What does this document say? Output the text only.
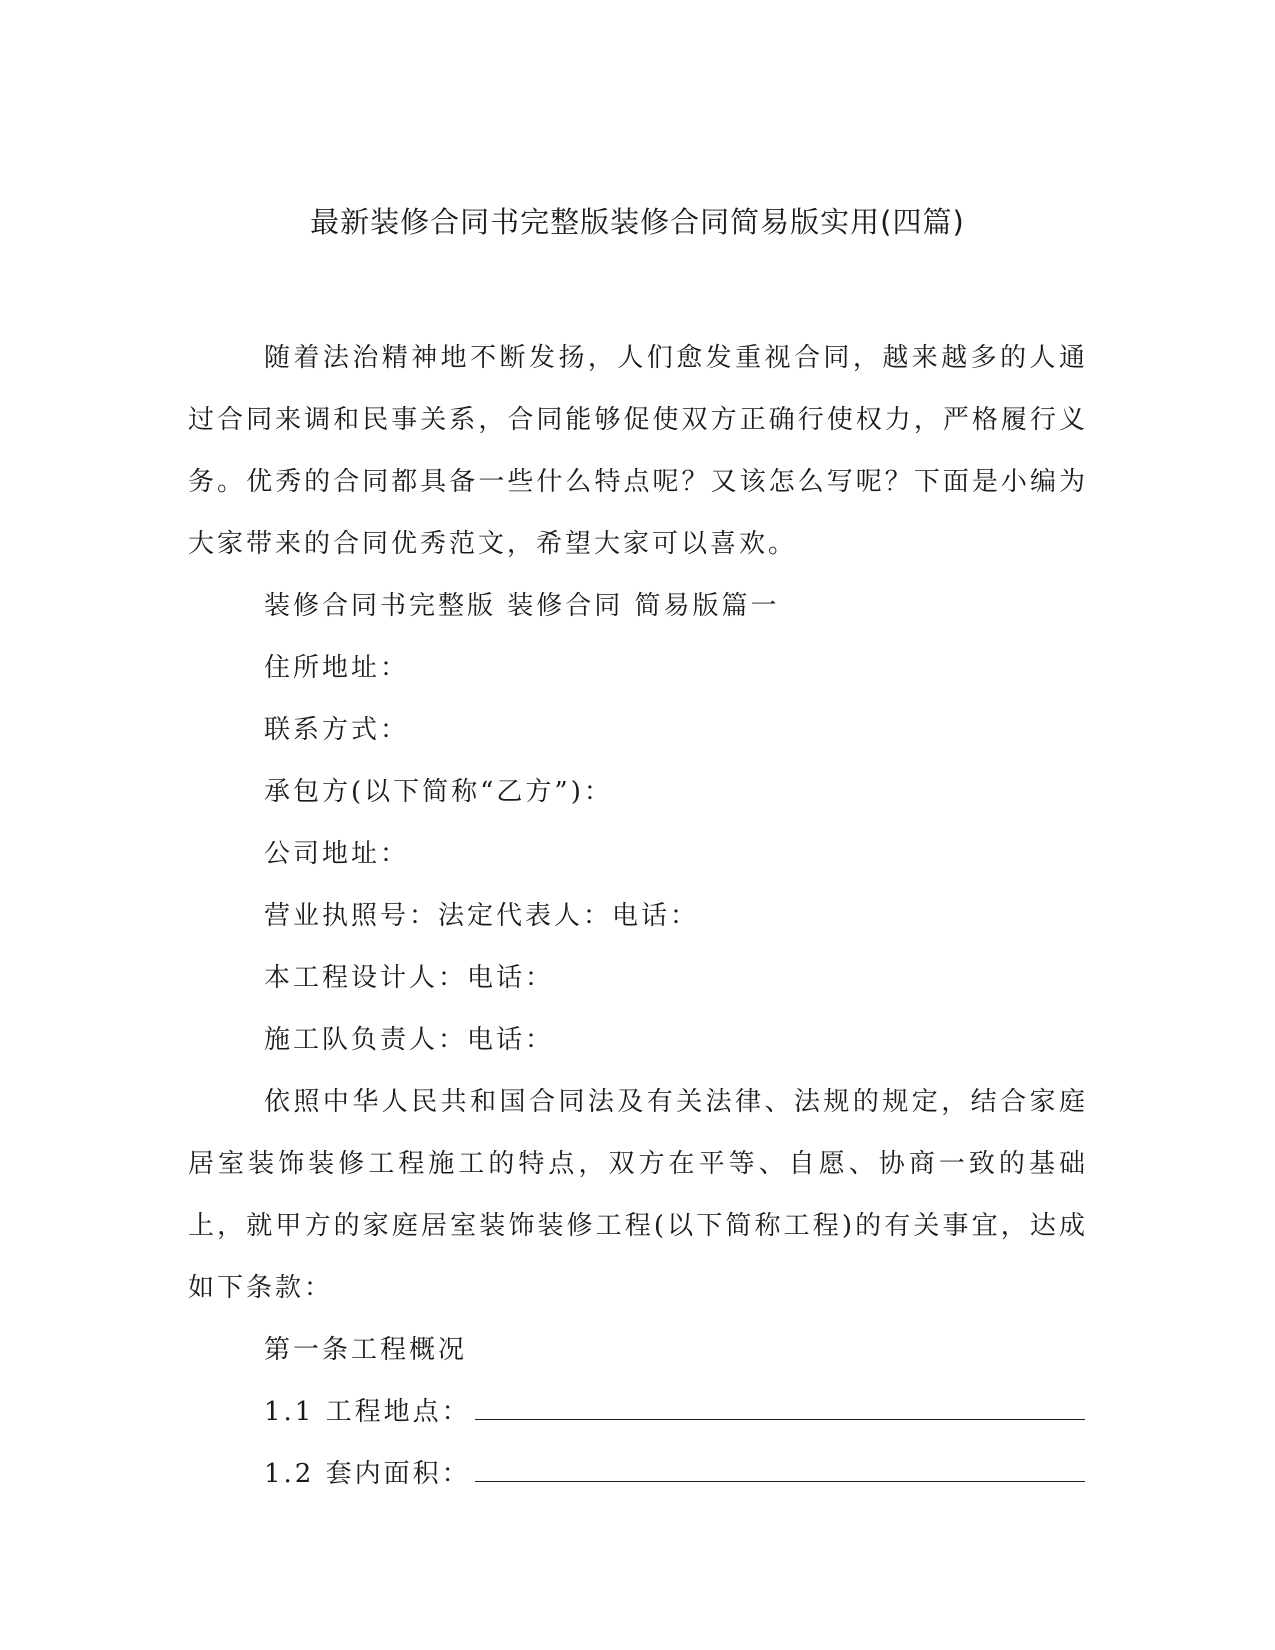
最新装修合同书完整版装修合同简易版实用(四篇)

随着法治精神地不断发扬，人们愈发重视合同，越来越多的人通过合同来调和民事关系，合同能够促使双方正确行使权力，严格履行义务。优秀的合同都具备一些什么特点呢？又该怎么写呢？下面是小编为大家带来的合同优秀范文，希望大家可以喜欢。

装修合同书完整版 装修合同 简易版篇一

住所地址：

联系方式：

承包方(以下简称“乙方”)：

公司地址：

营业执照号：法定代表人：电话：

本工程设计人：电话：

施工队负责人：电话：

依照中华人民共和国合同法及有关法律、法规的规定，结合家庭居室装饰装修工程施工的特点，双方在平等、自愿、协商一致的基础上，就甲方的家庭居室装饰装修工程(以下简称工程)的有关事宜，达成如下条款：

第一条工程概况

1.1 工程地点：

1.2 套内面积：
